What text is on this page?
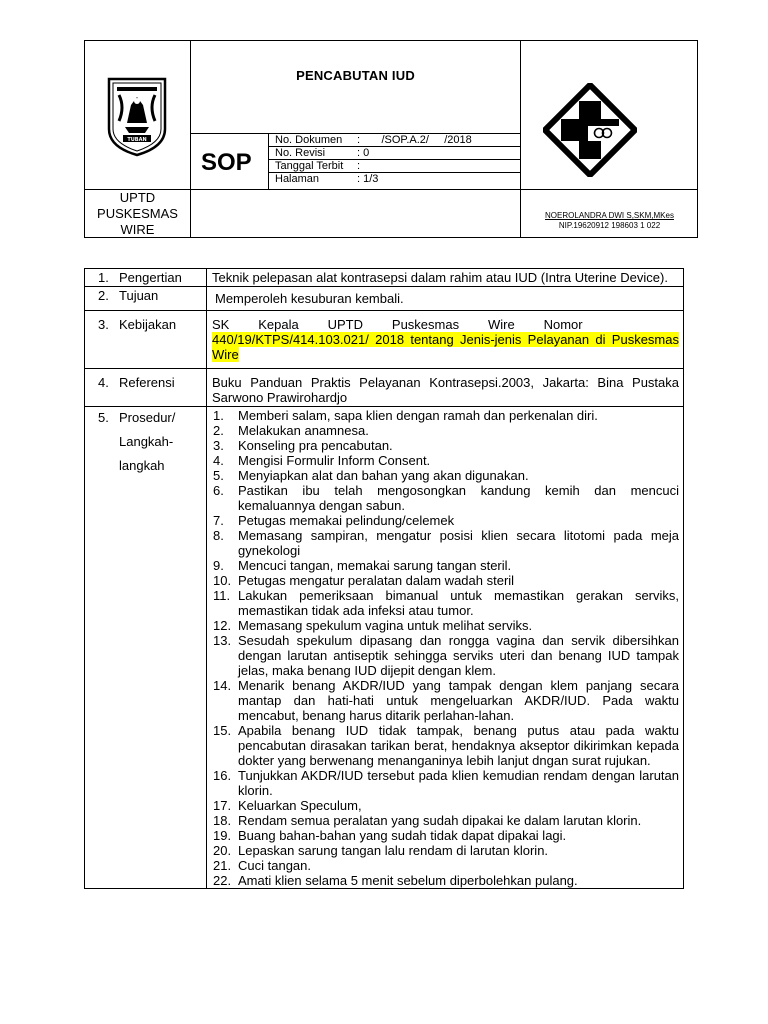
TUBAN
PENCABUTAN IUD
SOP
No. Dokumen :       /SOP.A.2/     /2018
No. Revisi	: 0
Tanggal Terbit :
Halaman	: 1/3
UPTD
PUSKESMAS
WIRE
NOEROLANDRA DWI S,SKM,MKes
NIP.19620912 198603 1 022
1. Pengertian	Teknik pelepasan alat kontrasepsi dalam rahim atau IUD (Intra Uterine Device).
2. Tujuan	Memperoleh kesuburan kembali.
3. Kebijakan	SK        Kepala        UPTD        Puskesmas        Wire        Nomor
440/19/KTPS/414.103.021/ 2018 tentang Jenis-jenis Pelayanan di Puskesmas Wire
4. Referensi	Buku Panduan Praktis Pelayanan Kontrasepsi.2003, Jakarta: Bina Pustaka Sarwono Prawirohardjo
5. Prosedur/
Langkah-
langkah
1.	Memberi salam, sapa klien dengan ramah dan perkenalan diri.
2.	Melakukan anamnesa.
3.	Konseling pra pencabutan.
4.	Mengisi Formulir Inform Consent.
5.	Menyiapkan alat dan bahan yang akan digunakan.
6.	Pastikan ibu telah mengosongkan kandung kemih dan mencuci kemaluannya dengan sabun.
7.	Petugas memakai pelindung/celemek
8.	Memasang sampiran, mengatur posisi klien secara litotomi pada meja gynekologi
9.	Mencuci tangan, memakai sarung tangan steril.
10. Petugas mengatur peralatan dalam wadah steril
11. Lakukan pemeriksaan bimanual untuk memastikan gerakan serviks, memastikan tidak ada infeksi atau tumor.
12. Memasang spekulum vagina untuk melihat serviks.
13. Sesudah spekulum dipasang dan rongga vagina dan servik dibersihkan dengan larutan antiseptik sehingga serviks uteri dan benang IUD tampak jelas, maka benang IUD dijepit dengan klem.
14. Menarik benang AKDR/IUD yang tampak dengan klem panjang secara mantap dan hati-hati untuk mengeluarkan AKDR/IUD. Pada waktu mencabut, benang harus ditarik perlahan-lahan.
15. Apabila benang IUD tidak tampak, benang putus atau pada waktu pencabutan dirasakan tarikan berat, hendaknya akseptor dikirimkan kepada dokter yang berwenang menanganinya lebih lanjut dngan surat rujukan.
16. Tunjukkan AKDR/IUD tersebut pada klien kemudian rendam dengan larutan klorin.
17. Keluarkan Speculum,
18. Rendam semua peralatan yang sudah dipakai ke dalam larutan klorin.
19. Buang bahan-bahan yang sudah tidak dapat dipakai lagi.
20. Lepaskan sarung tangan lalu rendam di larutan klorin.
21. Cuci tangan.
22. Amati klien selama 5 menit sebelum diperbolehkan pulang.
